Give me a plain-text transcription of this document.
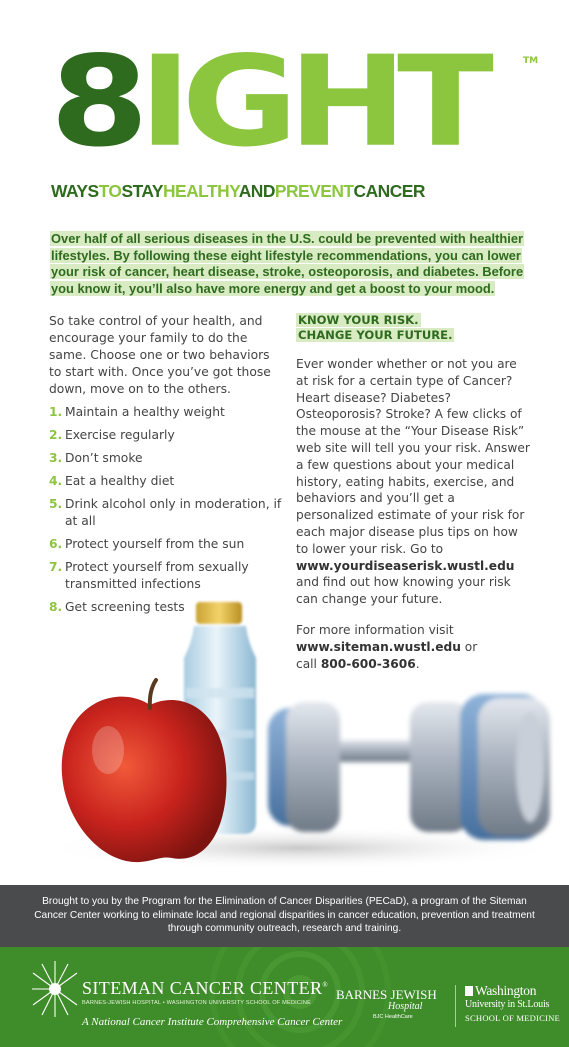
8IGHT	TM
WAYSTOSTAYHEALTHYANDPREVENTCANCER
Over half of all serious diseases in the U.S. could be prevented with healthier lifestyles. By following these eight lifestyle recommendations, you can lower your risk of cancer, heart disease, stroke, osteoporosis, and diabetes. Before you know it, you’ll also have more energy and get a boost to your mood.

So take control of your health, and encourage your family to do the same. Choose one or two behaviors to start with. Once you’ve got those down, move on to the others.

1. Maintain a healthy weight
2. Exercise regularly
3. Don’t smoke
4. Eat a healthy diet
5. Drink alcohol only in moderation, if at all
6. Protect yourself from the sun
7. Protect yourself from sexually transmitted infections
8. Get screening tests
KNOW YOUR RISK.
CHANGE YOUR FUTURE.

Ever wonder whether or not you are at risk for a certain type of Cancer? Heart disease? Diabetes? Osteoporosis? Stroke? A few clicks of the mouse at the “Your Disease Risk” web site will tell you your risk. Answer a few questions about your medical history, eating habits, exercise, and behaviors and you’ll get a personalized estimate of your risk for each major disease plus tips on how to lower your risk. Go to www.yourdiseaserisk.wustl.edu and find out how knowing your risk can change your future.

For more information visit
www.siteman.wustl.edu or
call 800-600-3606.

Brought to you by the Program for the Elimination of Cancer Disparities (PECaD), a program of the Siteman Cancer Center working to eliminate local and regional disparities in cancer education, prevention and treatment through community outreach, research and training.
SITEMAN CANCER CENTER®
BARNES-JEWISH HOSPITAL • WASHINGTON UNIVERSITY SCHOOL OF MEDICINE
A National Cancer Institute Comprehensive Cancer Center
BARNES JEWISH
Hospital
BJC HealthCare
Washington
University in St.Louis
SCHOOL OF MEDICINE
